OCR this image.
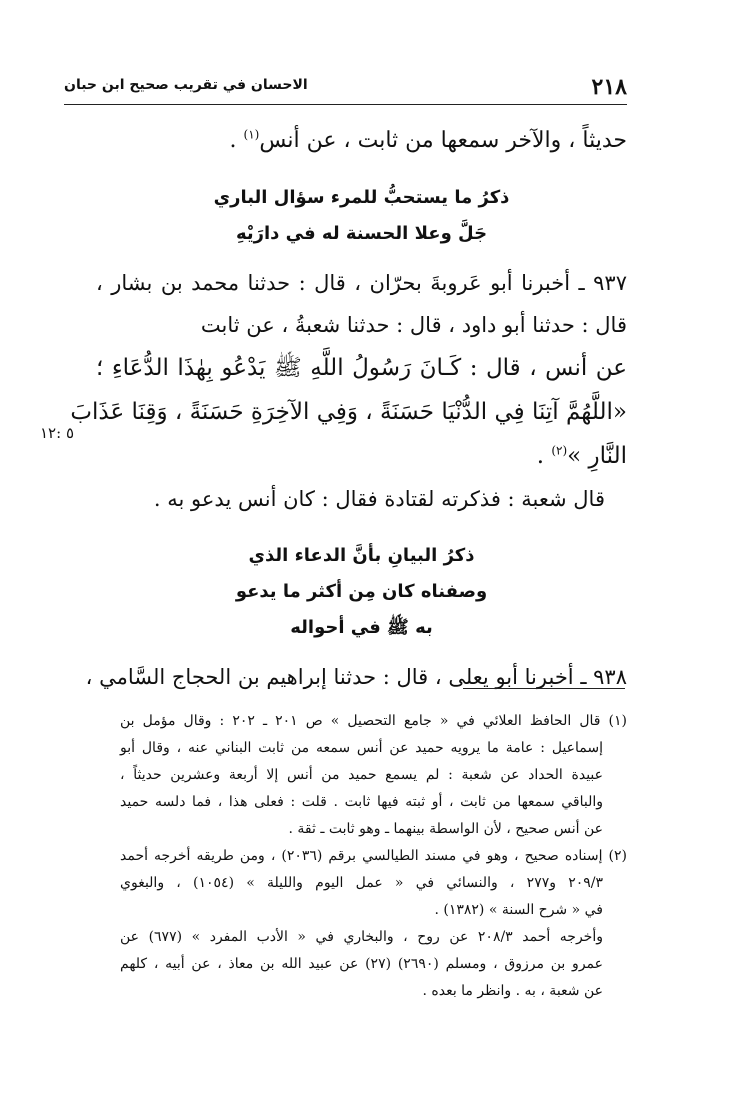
٢١٨
الاحسان في تقريب صحيح ابن حبان
حديثاً ، والآخر سمعها من ثابت ، عن أنس$^{(١)}$ .
ذكرُ ما يستحبُّ للمرء سؤال الباري
جَلَّ وعلا الحسنة له في دارَيْهِ
٩٣٧ ـ أخبرنا أبو عَروبةَ بحرّان ، قال : حدثنا محمد بن بشار ،
قال : حدثنا أبو داود ، قال : حدثنا شعبةُ ، عن ثابت
عن أنس ، قال : كَـانَ رَسُولُ اللَّهِ ﷺ يَدْعُو بِهٰذَا الدُّعَاءِ ؛
«اللَّهُمَّ آتِنَا فِي الدُّنْيَا حَسَنَةً ، وَفِي الآخِرَةِ حَسَنَةً ، وَقِنَا عَذَابَ
النَّارِ »$^{(٢)}$ .
قال شعبة : فذكرته لقتادة فقال : كان أنس يدعو به .
ذكرُ البيانِ بأنَّ الدعاء الذي
وصفناه كان مِن أكثر ما يدعو
به ﷺ في أحواله
٩٣٨ ـ أخبرنا أبو يعلى ، قال : حدثنا إبراهيم بن الحجاج السَّامي ،
٥ :١٢
(١) قال الحافظ العلائي في « جامع التحصيل » ص ٢٠١ ـ ٢٠٢ : وقال مؤمل بن
إسماعيل : عامة ما يرويه حميد عن أنس سمعه من ثابت البناني عنه ، وقال أبو
عبيدة الحداد عن شعبة : لم يسمع حميد من أنس إلا أربعة وعشرين حديثاً ،
والباقي سمعها من ثابت ، أو ثبته فيها ثابت . قلت : فعلى هذا ، فما دلسه حميد
عن أنس صحيح ، لأن الواسطة بينهما ـ وهو ثابت ـ ثقة .
(٢) إسناده صحيح ، وهو في مسند الطيالسي برقم (٢٠٣٦) ، ومن طريقه أخرجه أحمد
٢٠٩/٣ و٢٧٧ ، والنسائي في « عمل اليوم والليلة » (١٠٥٤) ، والبغوي
في « شرح السنة » (١٣٨٢) .
وأخرجه أحمد ٢٠٨/٣ عن روح ، والبخاري في « الأدب المفرد » (٦٧٧) عن
عمرو بن مرزوق ، ومسلم (٢٦٩٠) (٢٧) عن عبيد الله بن معاذ ، عن أبيه ، كلهم
عن شعبة ، به . وانظر ما بعده .
